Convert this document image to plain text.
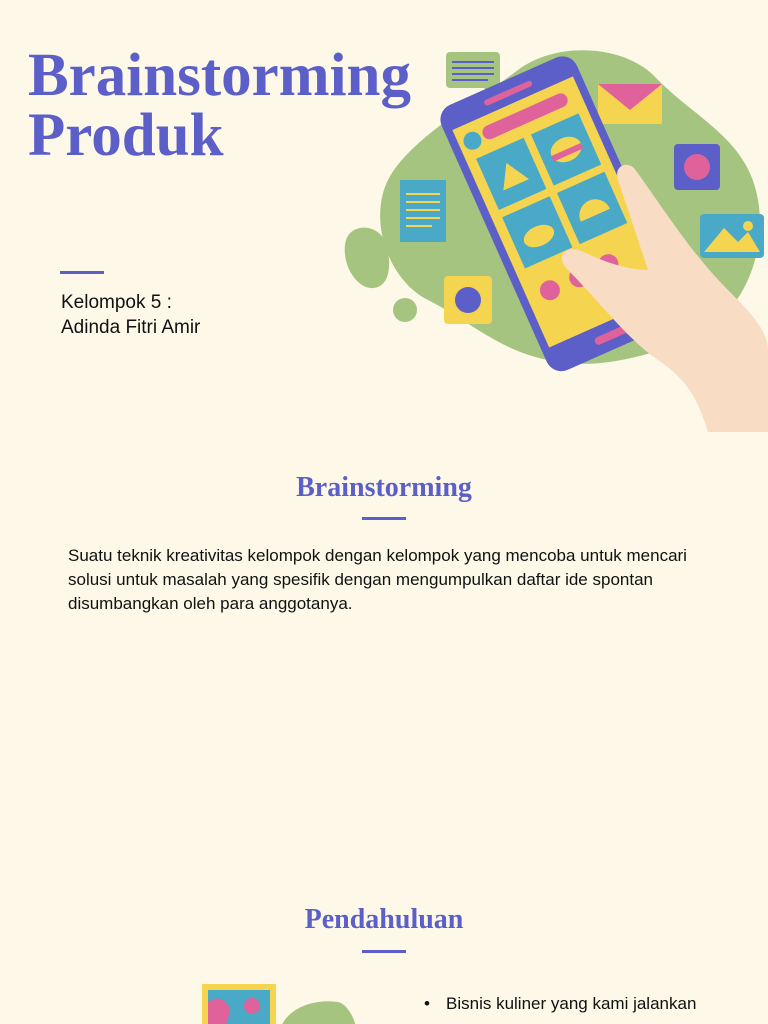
Brainstorming
Produk
Kelompok 5 :
Adinda Fitri Amir
Brainstorming

Suatu teknik kreativitas kelompok dengan kelompok yang mencoba untuk mencari solusi untuk masalah yang spesifik dengan mengumpulkan daftar ide spontan disumbangkan oleh para anggotanya.

Pendahuluan
• Bisnis kuliner yang kami jalankan
